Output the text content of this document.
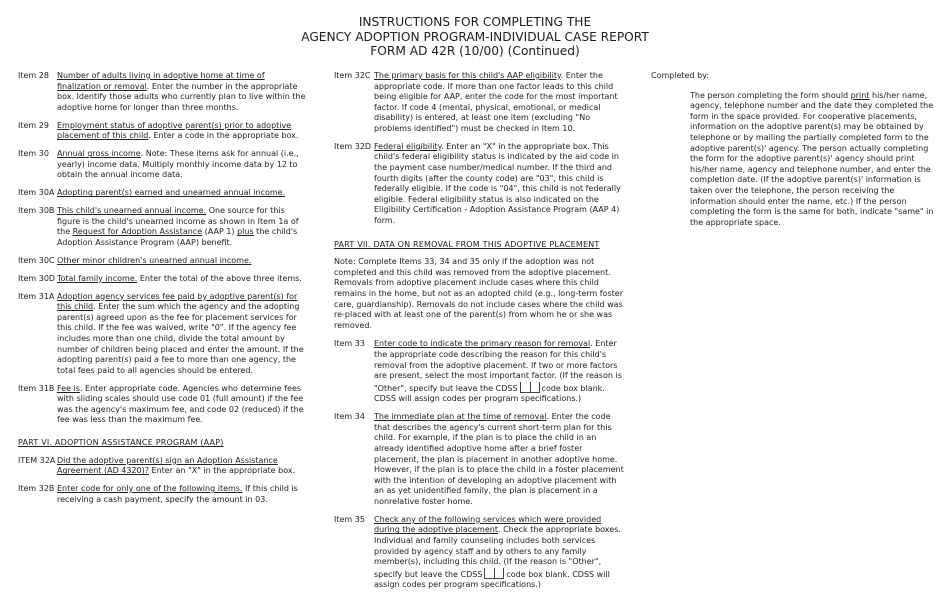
INSTRUCTIONS FOR COMPLETING THE
AGENCY ADOPTION PROGRAM-INDIVIDUAL CASE REPORT
FORM AD 42R (10/00) (Continued)
Item 28	Number of adults living in adoptive home at time of finalization or removal. Enter the number in the appropriate box. Identify those adults who currently plan to live within the adoptive home for longer than three months.
Item 29	Employment status of adoptive parent(s) prior to adoptive placement of this child. Enter a code in the appropriate box.
Item 30	Annual gross income. Note: These items ask for annual (i.e., yearly) income data. Multiply monthly income data by 12 to obtain the annual income data.
Item 30A Adopting parent(s) earned and unearned annual income.
Item 30B This child's unearned annual income. One source for this figure is the child's unearned income as shown in Item 1a of the Request for Adoption Assistance (AAP 1) plus the child's Adoption Assistance Program (AAP) benefit.
Item 30C Other minor children's unearned annual income.
Item 30D Total family income. Enter the total of the above three items.
Item 31A Adoption agency services fee paid by adoptive parent(s) for this child. Enter the sum which the agency and the adopting parent(s) agreed upon as the fee for placement services for this child. If the fee was waived, write "0". If the agency fee includes more than one child, divide the total amount by number of children being placed and enter the amount. If the adopting parent(s) paid a fee to more than one agency, the total fees paid to all agencies should be entered.
Item 31B Fee is. Enter appropriate code. Agencies who determine fees with sliding scales should use code 01 (full amount) if the fee was the agency's maximum fee, and code 02 (reduced) if the fee was less than the maximum fee.
PART VI. ADOPTION ASSISTANCE PROGRAM (AAP)
ITEM 32A Did the adoptive parent(s) sign an Adoption Assistance Agreement (AD 4320)? Enter an "X" in the appropriate box.
Item 32B Enter code for only one of the following items. If this child is receiving a cash payment, specify the amount in 03.
Item 32C The primary basis for this child's AAP eligibility. Enter the appropriate code. If more than one factor leads to this child being eligible for AAP, enter the code for the most important factor. If code 4 (mental, physical, emotional, or medical disability) is entered, at least one item (excluding "No problems identified") must be checked in Item 10.
Item 32D Federal eligibility. Enter an "X" in the appropriate box. This child's federal eligibility status is indicated by the aid code in the payment case number/medical number. If the third and fourth digits (after the county code) are "03", this child is federally eligible. If the code is "04", this child is not federally eligible. Federal eligibility status is also indicated on the Eligibility Certification - Adoption Assistance Program (AAP 4) form.
PART VII. DATA ON REMOVAL FROM THIS ADOPTIVE PLACEMENT
Note: Complete Items 33, 34 and 35 only if the adoption was not completed and this child was removed from the adoptive placement. Removals from adoptive placement include cases where this child remains in the home, but not as an adopted child (e.g., long-term foster care, guardianship). Removals do not include cases where the child was re-placed with at least one of the parent(s) from whom he or she was removed.
Item 33	Enter code to indicate the primary reason for removal. Enter the appropriate code describing the reason for this child's removal from the adoptive placement. If two or more factors are present, select the most important factor. (If the reason is "Other", specify but leave the CDSS	code box blank. CDSS will assign codes per program specifications.)
Item 34	The immediate plan at the time of removal. Enter the code that describes the agency's current short-term plan for this child. For example, if the plan is to place the child in an already identified adoptive home after a brief foster placement, the plan is placement in another adoptive home. However, if the plan is to place the child in a foster placement with the intention of developing an adoptive placement with an as yet unidentified family, the plan is placement in a nonrelative foster home.
Item 35	Check any of the following services which were provided during the adoptive placement. Check the appropriate boxes. Individual and family counseling includes both services provided by agency staff and by others to any family member(s), including this child. (If the reason is "Other", specify but leave the CDSS	code box blank. CDSS will assign codes per program specifications.)
Completed by:
The person completing the form should print his/her name, agency, telephone number and the date they completed the form in the space provided. For cooperative placements, information on the adoptive parent(s) may be obtained by telephone or by mailing the partially completed form to the adoptive parent(s)' agency. The person actually completing the form for the adoptive parent(s)' agency should print his/her name, agency and telephone number, and enter the completion date. (If the adoptive parent(s)' information is taken over the telephone, the person receiving the information should enter the name, etc.) If the person completing the form is the same for both, indicate "same" in the appropriate space.
